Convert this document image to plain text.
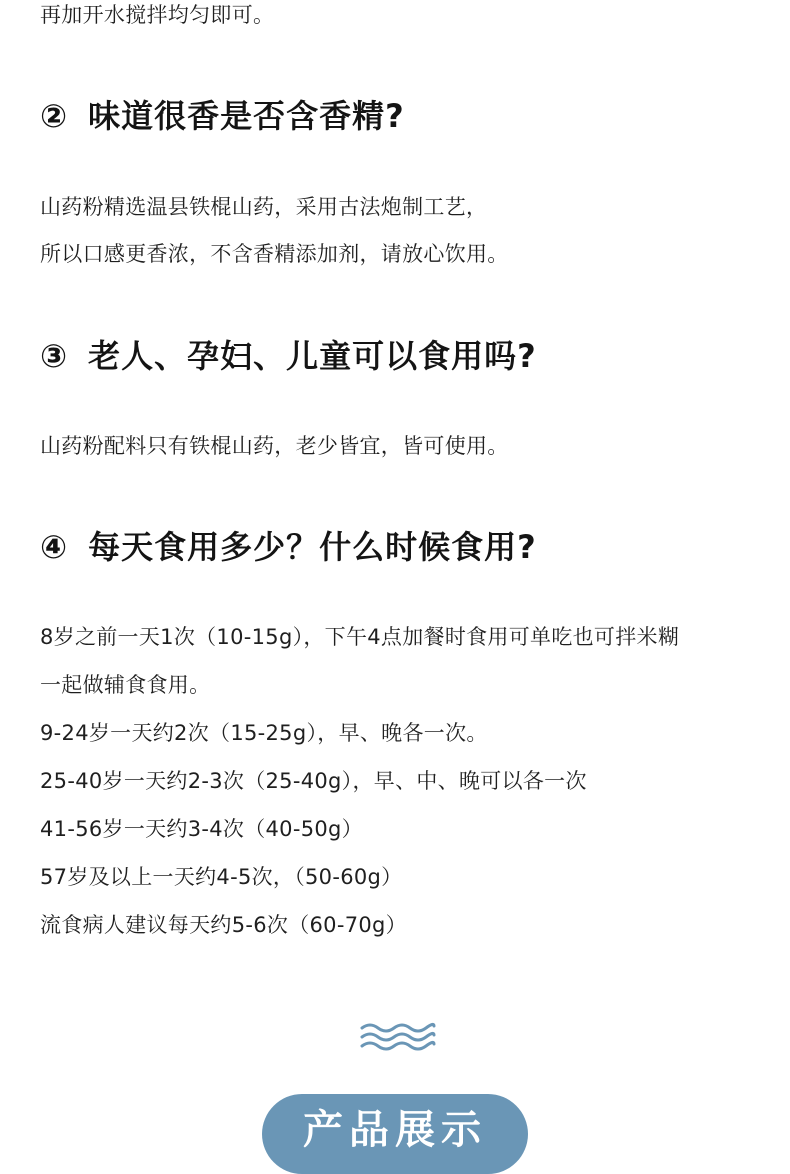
再加开水搅拌均匀即可。
② 味道很香是否含香精?
山药粉精选温县铁棍山药，采用古法炮制工艺，
所以口感更香浓，不含香精添加剂，请放心饮用。
③ 老人、孕妇、儿童可以食用吗?
山药粉配料只有铁棍山药，老少皆宜，皆可使用。
④ 每天食用多少？什么时候食用?
8岁之前一天1次（10-15g），下午4点加餐时食用可单吃也可拌米糊
一起做辅食食用。
9-24岁一天约2次（15-25g），早、晚各一次。
25-40岁一天约2-3次（25-40g），早、中、晚可以各一次
41-56岁一天约3-4次（40-50g）
57岁及以上一天约4-5次，（50-60g）
流食病人建议每天约5-6次（60-70g）
产品展示
